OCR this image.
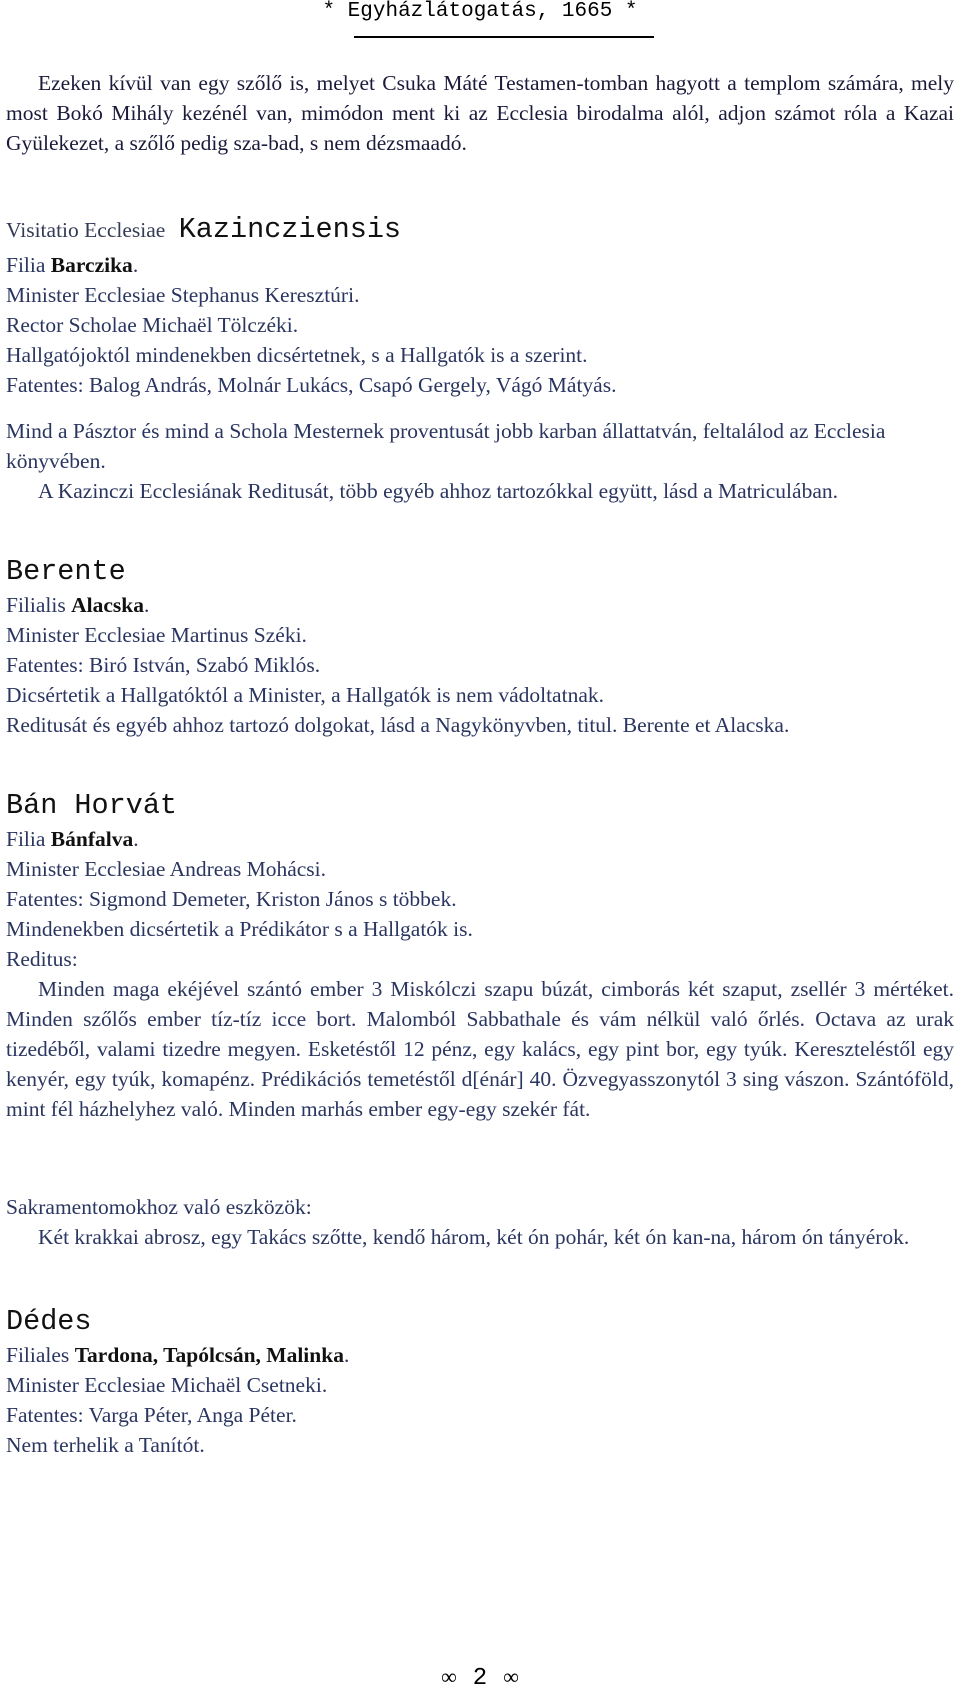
* Egyházlátogatás, 1665 *
Ezeken kívül van egy szőlő is, melyet Csuka Máté Testamen-tomban hagyott a templom számára, mely most Bokó Mihály kezénél van, mimódon ment ki az Ecclesia birodalma alól, adjon számot róla a Kazai Gyülekezet, a szőlő pedig sza-bad, s nem dézsmaadó.
Visitatio Ecclesiae Kazincziensis
Filia Barczika.
Minister Ecclesiae Stephanus Keresztúri.
Rector Scholae Michaël Tölczéki.
Hallgatójoktól mindenekben dicsértetnek, s a Hallgatók is a szerint.
Fatentes: Balog András, Molnár Lukács, Csapó Gergely, Vágó Mátyás.
Mind a Pásztor és mind a Schola Mesternek proventusát jobb karban állattatván, feltalálod az Ecclesia könyvében.
A Kazinczi Ecclesiának Reditusát, több egyéb ahhoz tartozókkal együtt, lásd a Matriculában.
Berente
Filialis Alacska.
Minister Ecclesiae Martinus Széki.
Fatentes: Biró István, Szabó Miklós.
Dicsértetik a Hallgatóktól a Minister, a Hallgatók is nem vádoltatnak.
Reditusát és egyéb ahhoz tartozó dolgokat, lásd a Nagykönyvben, titul. Berente et Alacska.
Bán Horvát
Filia Bánfalva.
Minister Ecclesiae Andreas Mohácsi.
Fatentes: Sigmond Demeter, Kriston János s többek.
Mindenekben dicsértetik a Prédikátor s a Hallgatók is.
Reditus:
Minden maga ekéjével szántó ember 3 Miskólczi szapu búzát, cimborás két szaput, zsellér 3 mértéket. Minden szőlős ember tíz-tíz icce bort. Malomból Sabbathale és vám nélkül való őrlés. Octava az urak tizedéből, valami tizedre megyen. Esketéstől 12 pénz, egy kalács, egy pint bor, egy tyúk. Kereszteléstől egy kenyér, egy tyúk, komapénz. Prédikációs temetéstől d[énár] 40. Özvegyasszonytól 3 sing vászon. Szántóföld, mint fél házhelyhez való. Minden marhás ember egy-egy szekér fát.
Sakramentomokhoz való eszközök:
Két krakkai abrosz, egy Takács szőtte, kendő három, két ón pohár, két ón kan-na, három ón tányérok.
Dédes
Filiales Tardona, Tapólcsán, Malinka.
Minister Ecclesiae Michaël Csetneki.
Fatentes: Varga Péter, Anga Péter.
Nem terhelik a Tanítót.
∞ 2 ∞
